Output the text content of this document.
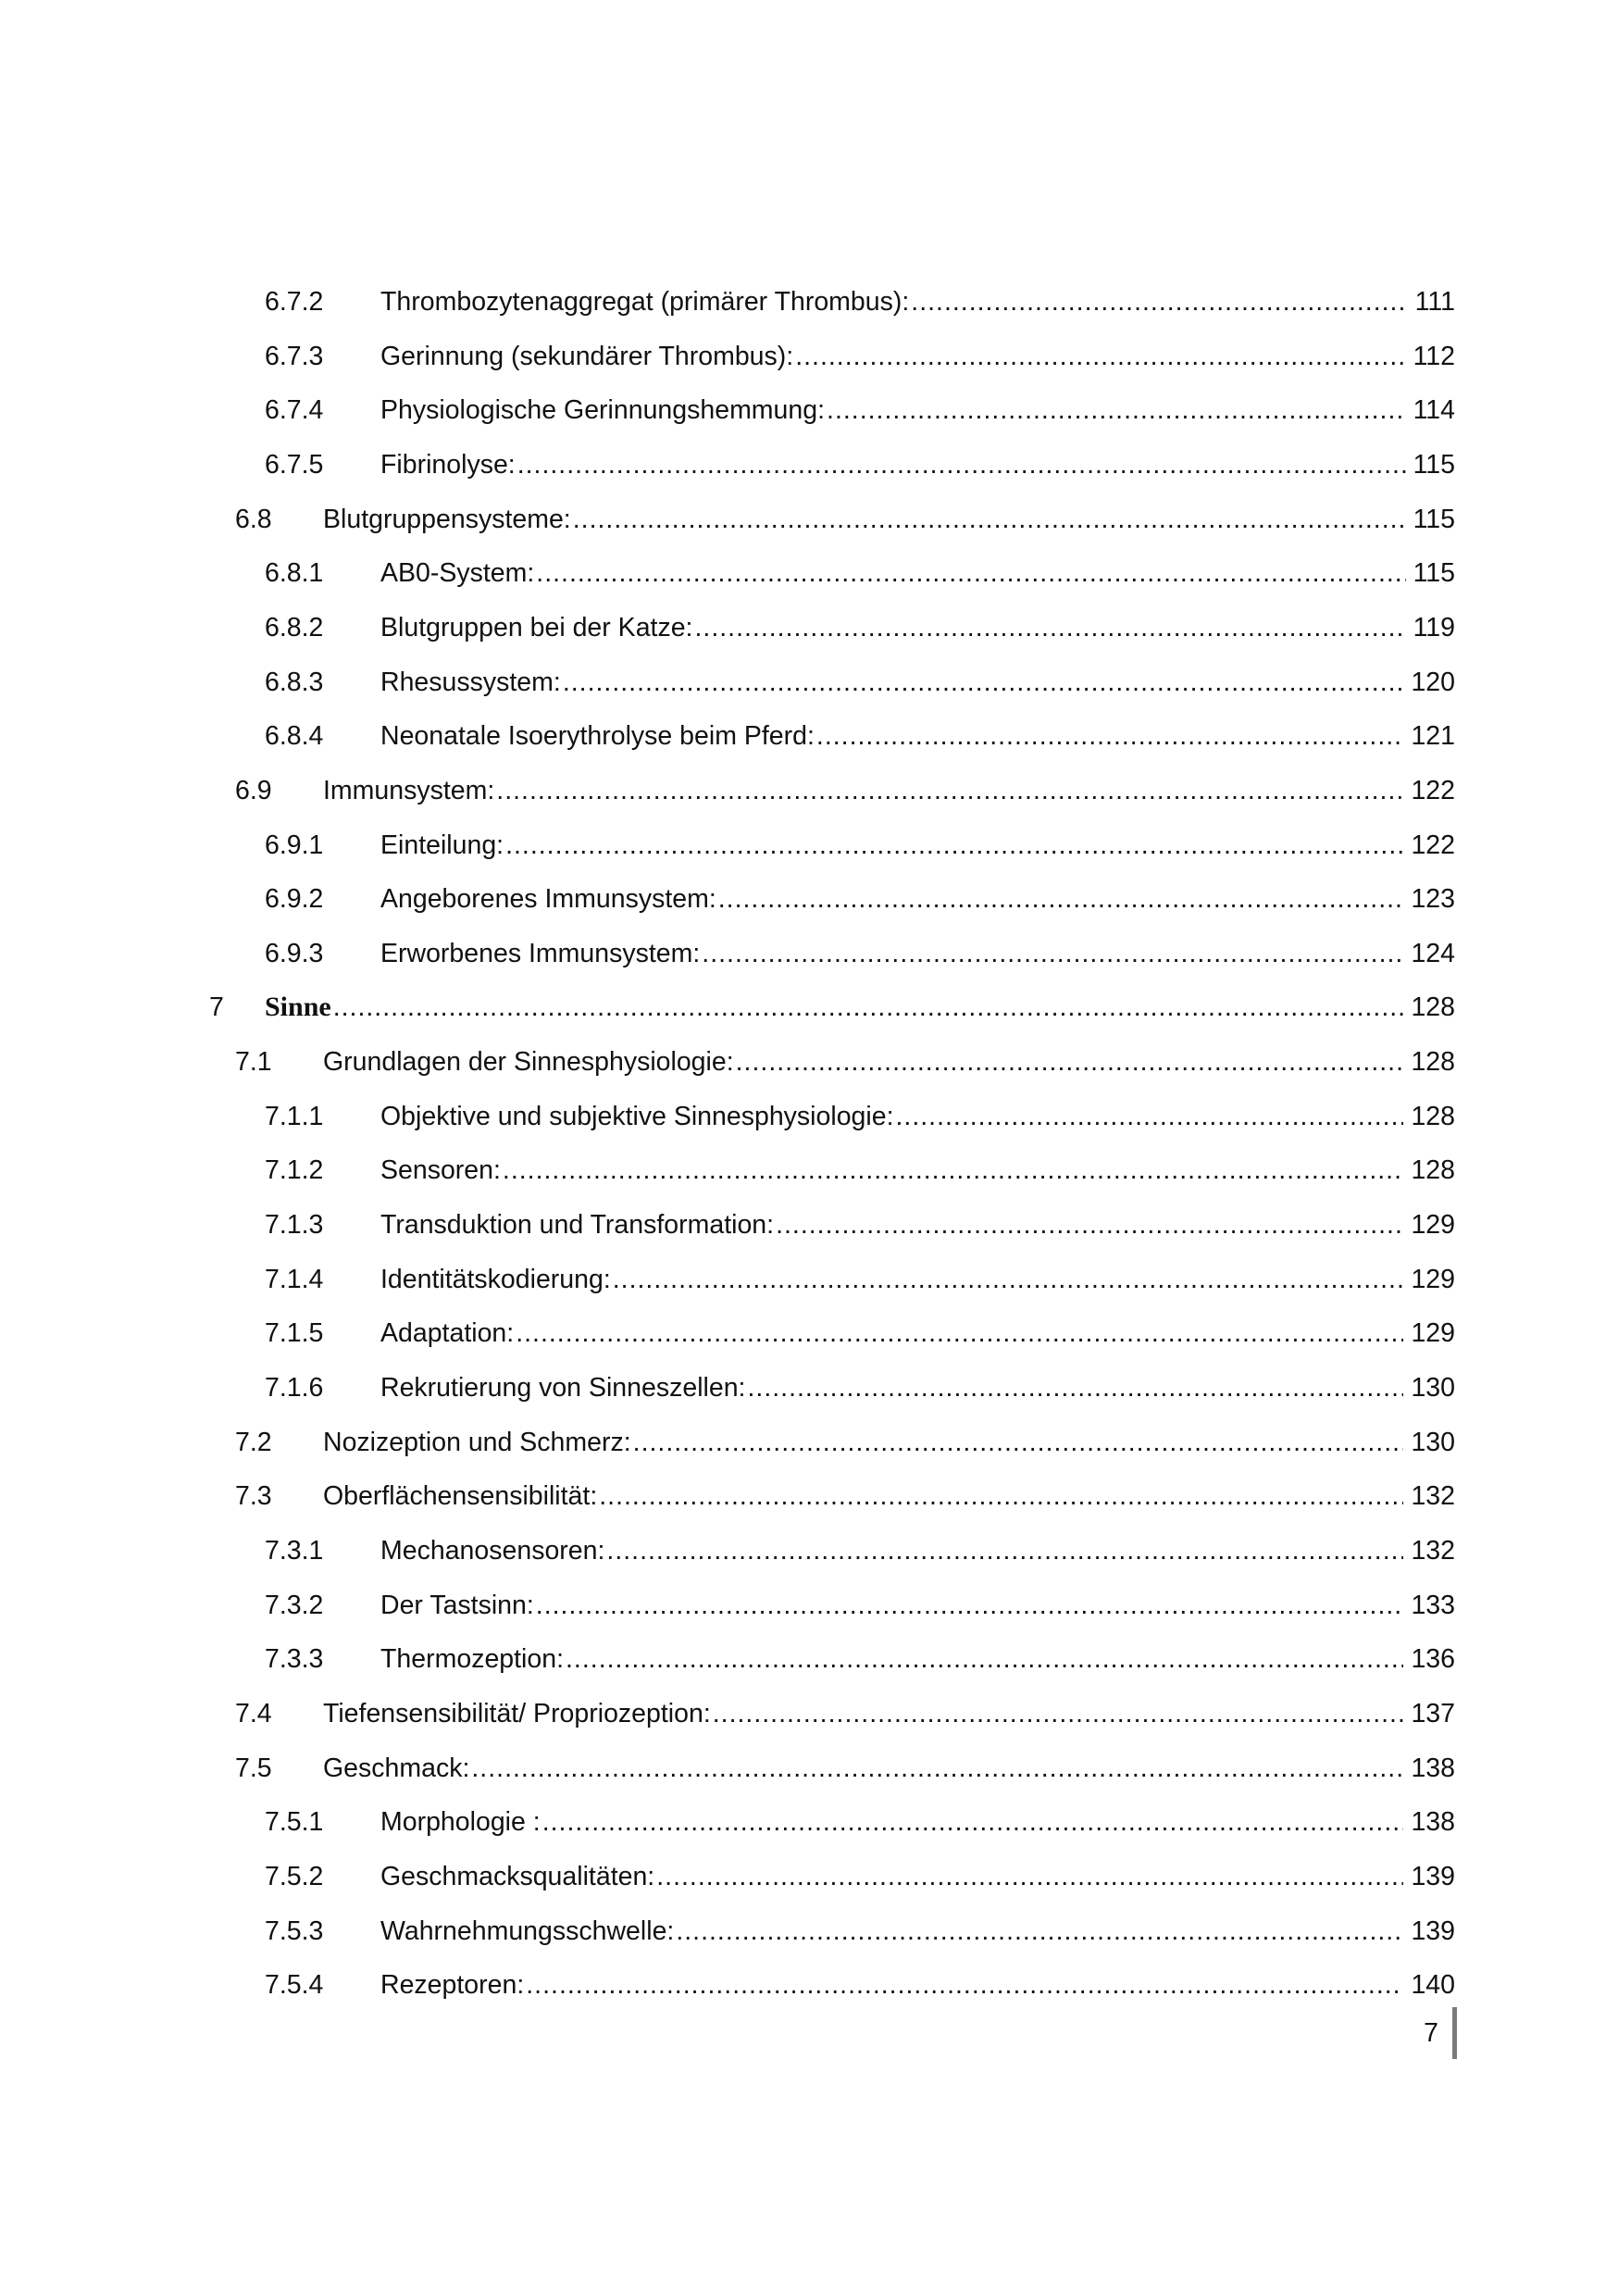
6.7.2 Thrombozytenaggregat (primärer Thrombus): .....	111
6.7.3 Gerinnung (sekundärer Thrombus): .....	112
6.7.4 Physiologische Gerinnungshemmung: .....	114
6.7.5 Fibrinolyse: .....	115
6.8 Blutgruppensysteme: .....	115
6.8.1 AB0-System: .....	115
6.8.2 Blutgruppen bei der Katze: .....	119
6.8.3 Rhesussystem: .....	120
6.8.4 Neonatale Isoerythrolyse beim Pferd: .....	121
6.9 Immunsystem: .....	122
6.9.1 Einteilung: .....	122
6.9.2 Angeborenes Immunsystem: .....	123
6.9.3 Erworbenes Immunsystem: .....	124
7 Sinne .....	128
7.1 Grundlagen der Sinnesphysiologie: .....	128
7.1.1 Objektive und subjektive Sinnesphysiologie: .....	128
7.1.2 Sensoren: .....	128
7.1.3 Transduktion und Transformation: .....	129
7.1.4 Identitätskodierung: .....	129
7.1.5 Adaptation: .....	129
7.1.6 Rekrutierung von Sinneszellen: .....	130
7.2 Nozizeption und Schmerz: .....	130
7.3 Oberflächensensibilität: .....	132
7.3.1 Mechanosensoren: .....	132
7.3.2 Der Tastsinn: .....	133
7.3.3 Thermozeption: .....	136
7.4 Tiefensensibilität/ Propriozeption: .....	137
7.5 Geschmack: .....	138
7.5.1 Morphologie : .....	138
7.5.2 Geschmacksqualitäten: .....	139
7.5.3 Wahrnehmungsschwelle: .....	139
7.5.4 Rezeptoren: .....	140
7
